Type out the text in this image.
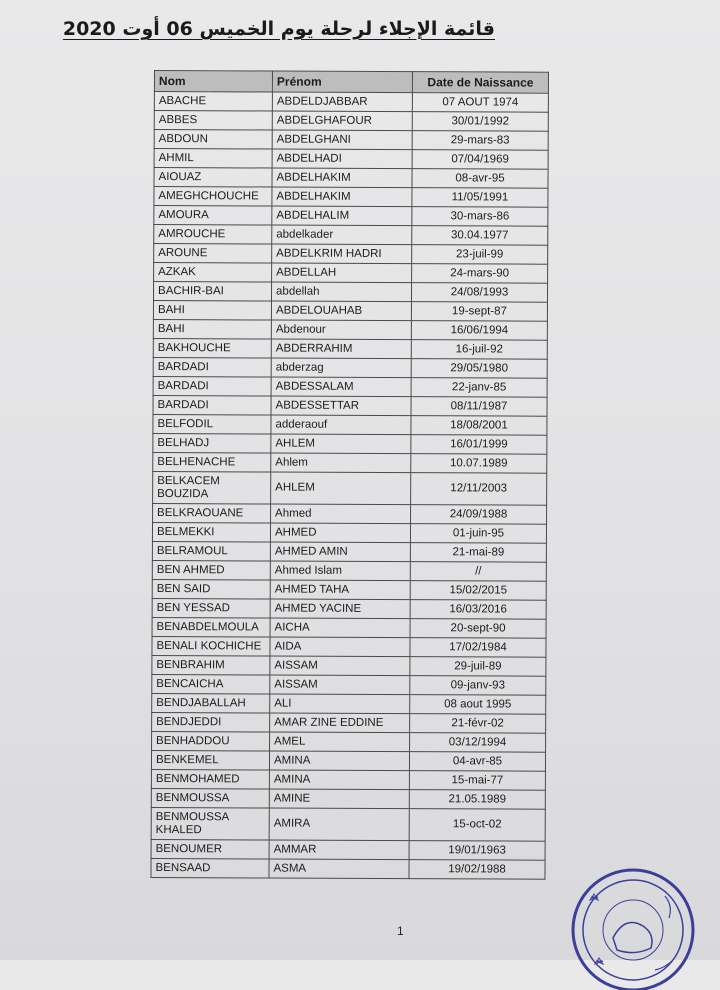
قائمة الإجلاء لرحلة يوم الخميس 06 أوت 2020
Nom	Prénom	Date de Naissance
ABACHE	ABDELDJABBAR	07 AOUT 1974
ABBES	ABDELGHAFOUR	30/01/1992
ABDOUN	ABDELGHANI	29-mars-83
AHMIL	ABDELHADI	07/04/1969
AIOUAZ	ABDELHAKIM	08-avr-95
AMEGHCHOUCHE	ABDELHAKIM	11/05/1991
AMOURA	ABDELHALIM	30-mars-86
AMROUCHE	abdelkader	30.04.1977
AROUNE	ABDELKRIM HADRI	23-juil-99
AZKAK	ABDELLAH	24-mars-90
BACHIR-BAI	abdellah	24/08/1993
BAHI	ABDELOUAHAB	19-sept-87
BAHI	Abdenour	16/06/1994
BAKHOUCHE	ABDERRAHIM	16-juil-92
BARDADI	abderzag	29/05/1980
BARDADI	ABDESSALAM	22-janv-85
BARDADI	ABDESSETTAR	08/11/1987
BELFODIL	adderaouf	18/08/2001
BELHADJ	AHLEM	16/01/1999
BELHENACHE	Ahlem	10.07.1989
BELKACEM BOUZIDA	AHLEM	12/11/2003
BELKRAOUANE	Ahmed	24/09/1988
BELMEKKI	AHMED	01-juin-95
BELRAMOUL	AHMED AMIN	21-mai-89
BEN AHMED	Ahmed Islam	//
BEN SAID	AHMED TAHA	15/02/2015
BEN YESSAD	AHMED YACINE	16/03/2016
BENABDELMOULA	AICHA	20-sept-90
BENALI KOCHICHE	AIDA	17/02/1984
BENBRAHIM	AISSAM	29-juil-89
BENCAICHA	AISSAM	09-janv-93
BENDJABALLAH	ALI	08 aout 1995
BENDJEDDI	AMAR ZINE EDDINE	21-févr-02
BENHADDOU	AMEL	03/12/1994
BENKEMEL	AMINA	04-avr-85
BENMOHAMED	AMINA	15-mai-77
BENMOUSSA	AMINE	21.05.1989
BENMOUSSA KHALED	AMIRA	15-oct-02
BENOUMER	AMMAR	19/01/1963
BENSAAD	ASMA	19/02/1988
1
